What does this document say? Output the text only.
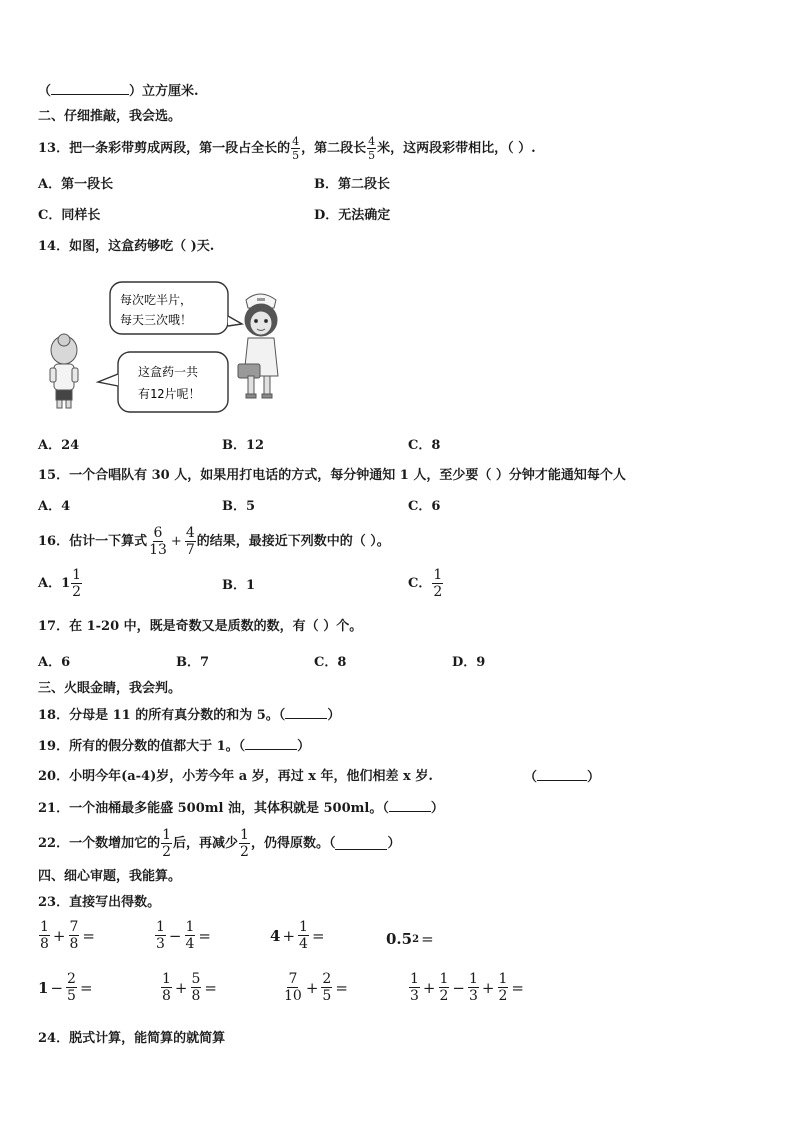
（	）立方厘米.
二、仔细推敲，我会选。
13．把一条彩带剪成两段，第一段占全长的 $\frac{4}{5}$ ，第二段长 $\frac{4}{5}$ 米，这两段彩带相比，（ ）.
A．第一段长	B．第二段长
C．同样长	D．无法确定
14．如图，这盒药够吃（ )天.
每次吃半片，
每天三次哦！
这盒药一共
有12片呢！
A．24	B．12	C．8
15．一个合唱队有 30 人，如果用打电话的方式，每分钟通知 1 人，至少要（ ）分钟才能通知每个人
A．4	B．5	C．6
16．估计一下算式 $\frac{6}{13} + \frac{4}{7}$ 的结果，最接近下列数中的（ ）。
A．$1 \frac{1}{2}$	B．1	C． $\frac{1}{2}$
17．在 1-20 中，既是奇数又是质数的数，有（ ）个。
A．6	B．7	C．8	D．9
三、火眼金睛，我会判。
18．分母是 11 的所有真分数的和为 5。（	）
19．所有的假分数的值都大于 1。（	）
20．小明今年(a-4)岁，小芳今年 a 岁，再过 x 年，他们相差 x 岁.	（	）
21．一个油桶最多能盛 500ml 油，其体积就是 500ml。（	）
22．一个数增加它的 $\frac{1}{2}$ 后，再减少 $\frac{1}{2}$ ，仍得原数。（	）
四、细心审题，我能算。
23．直接写出得数。
$\frac{1}{8} + \frac{7}{8}$ =	$\frac{1}{3} - \frac{1}{4}$ =	$4 + \frac{1}{4}$ =	0.5 2 =
$1 - \frac{2}{5}$ =	$\frac{1}{8} + \frac{5}{8}$ =	$\frac{7}{10} + \frac{2}{5}$ =	$\frac{1}{3} + \frac{1}{2} - \frac{1}{3} + \frac{1}{2}$ =
24．脱式计算，能简算的就简算
